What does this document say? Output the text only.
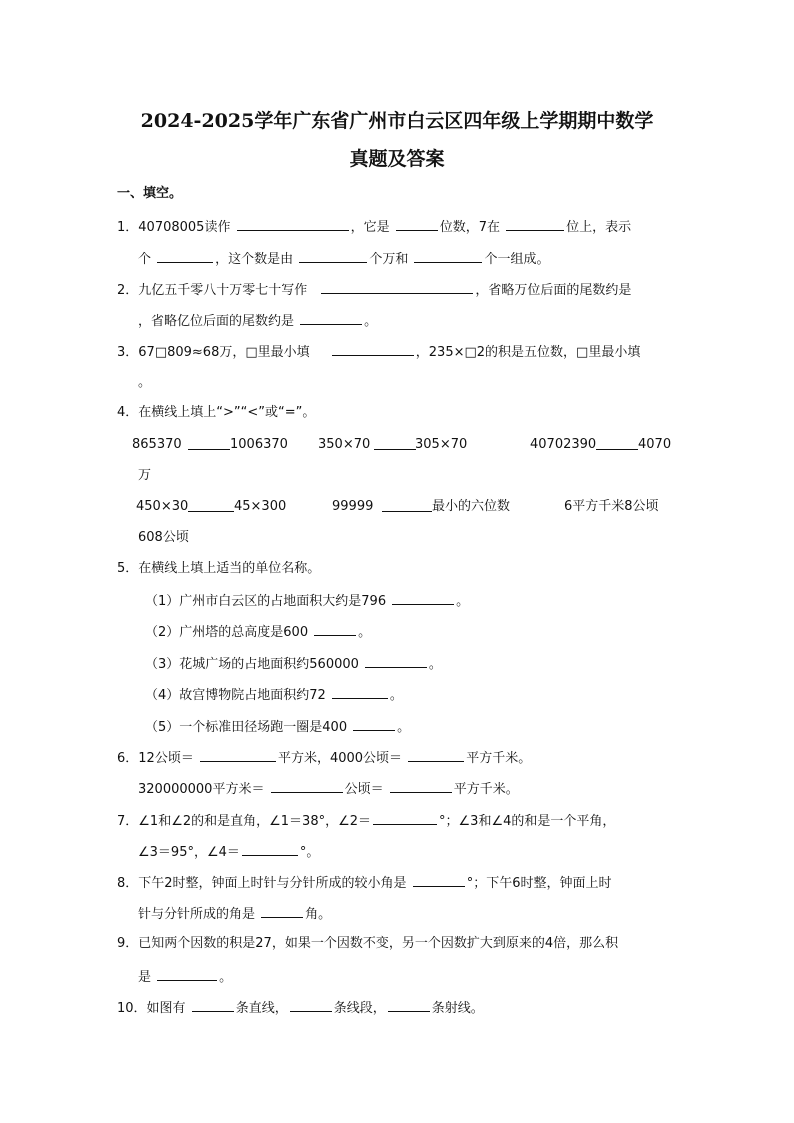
2024-2025学年广东省广州市白云区四年级上学期期中数学
真题及答案
一、填空。
1．40708005读作	，它是	位数，7在	位上，表示
个	，这个数是由	个万和	个一组成。
2．九亿五千零八十万零七十写作	，省略万位后面的尾数约是
，省略亿位后面的尾数约是	。
3．67□809≈68万，□里最小填	，235×□2的积是五位数，□里最小填
。
4．在横线上填上“>”“<”或“=”。
865370	1006370 350×70	305×70	40702390	4070
万
450×30	45×300	99999	最小的六位数	6平方千米8公顷
608公顷
5．在横线上填上适当的单位名称。
（1）广州市白云区的占地面积大约是796	。
（2）广州塔的总高度是600	。
（3）花城广场的占地面积约560000	。
（4）故宫博物院占地面积约72	。
（5）一个标准田径场跑一圈是400	。
6．12公顷＝	平方米，4000公顷＝	平方千米。
320000000平方米＝	公顷＝	平方千米。
7．∠1和∠2的和是直角，∠1＝38°，∠2＝	°；∠3和∠4的和是一个平角，
∠3＝95°，∠4＝	°。
8．下午2时整，钟面上时针与分针所成的较小角是	°；下午6时整，钟面上时
针与分针所成的角是	角。
9．已知两个因数的积是27，如果一个因数不变，另一个因数扩大到原来的4倍，那么积
是	。
10．如图有	条直线，	条线段，	条射线。
